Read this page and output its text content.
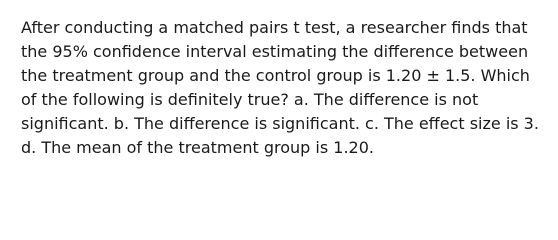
After conducting a matched pairs t test, a researcher finds that
the 95% confidence interval estimating the difference between
the treatment group and the control group is 1.20 ± 1.5. Which
of the following is definitely true? a. The difference is not
significant. b. The difference is significant. c. The effect size is 3.
d. The mean of the treatment group is 1.20.
